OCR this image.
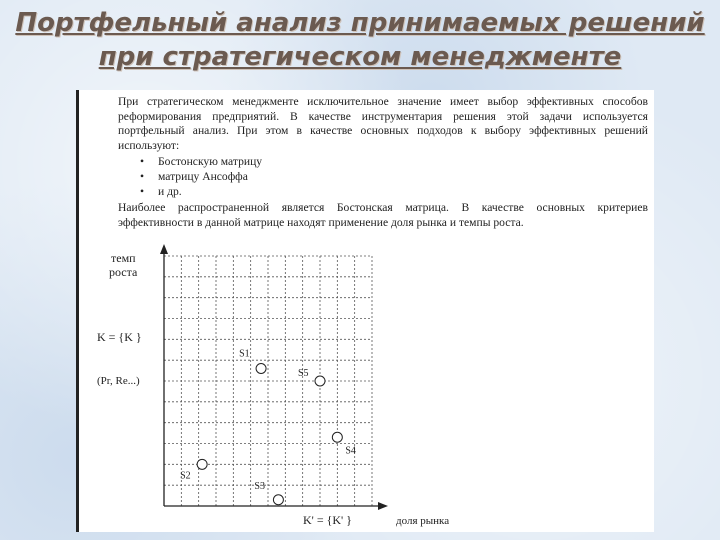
Портфельный анализ принимаемых решений
при стратегическом менеджменте

При стратегическом менеджменте исключительное значение имеет выбор эффективных способов реформирования предприятий. В качестве инструментария решения этой задачи используется портфельный анализ. При этом в качестве основных подходов к выбору эффективных решений используют:

• Бостонскую матрицу
• матрицу Ансоффа
• и др.

Наиболее распространенной является Бостонская матрица. В качестве основных критериев эффективности в данной матрице находят применение доля рынка и темпы роста.

темп
роста
K = {K }
(Pr, Re...)
K' = {K' }	доля рынка
S1
S5
S4
S2
S3
